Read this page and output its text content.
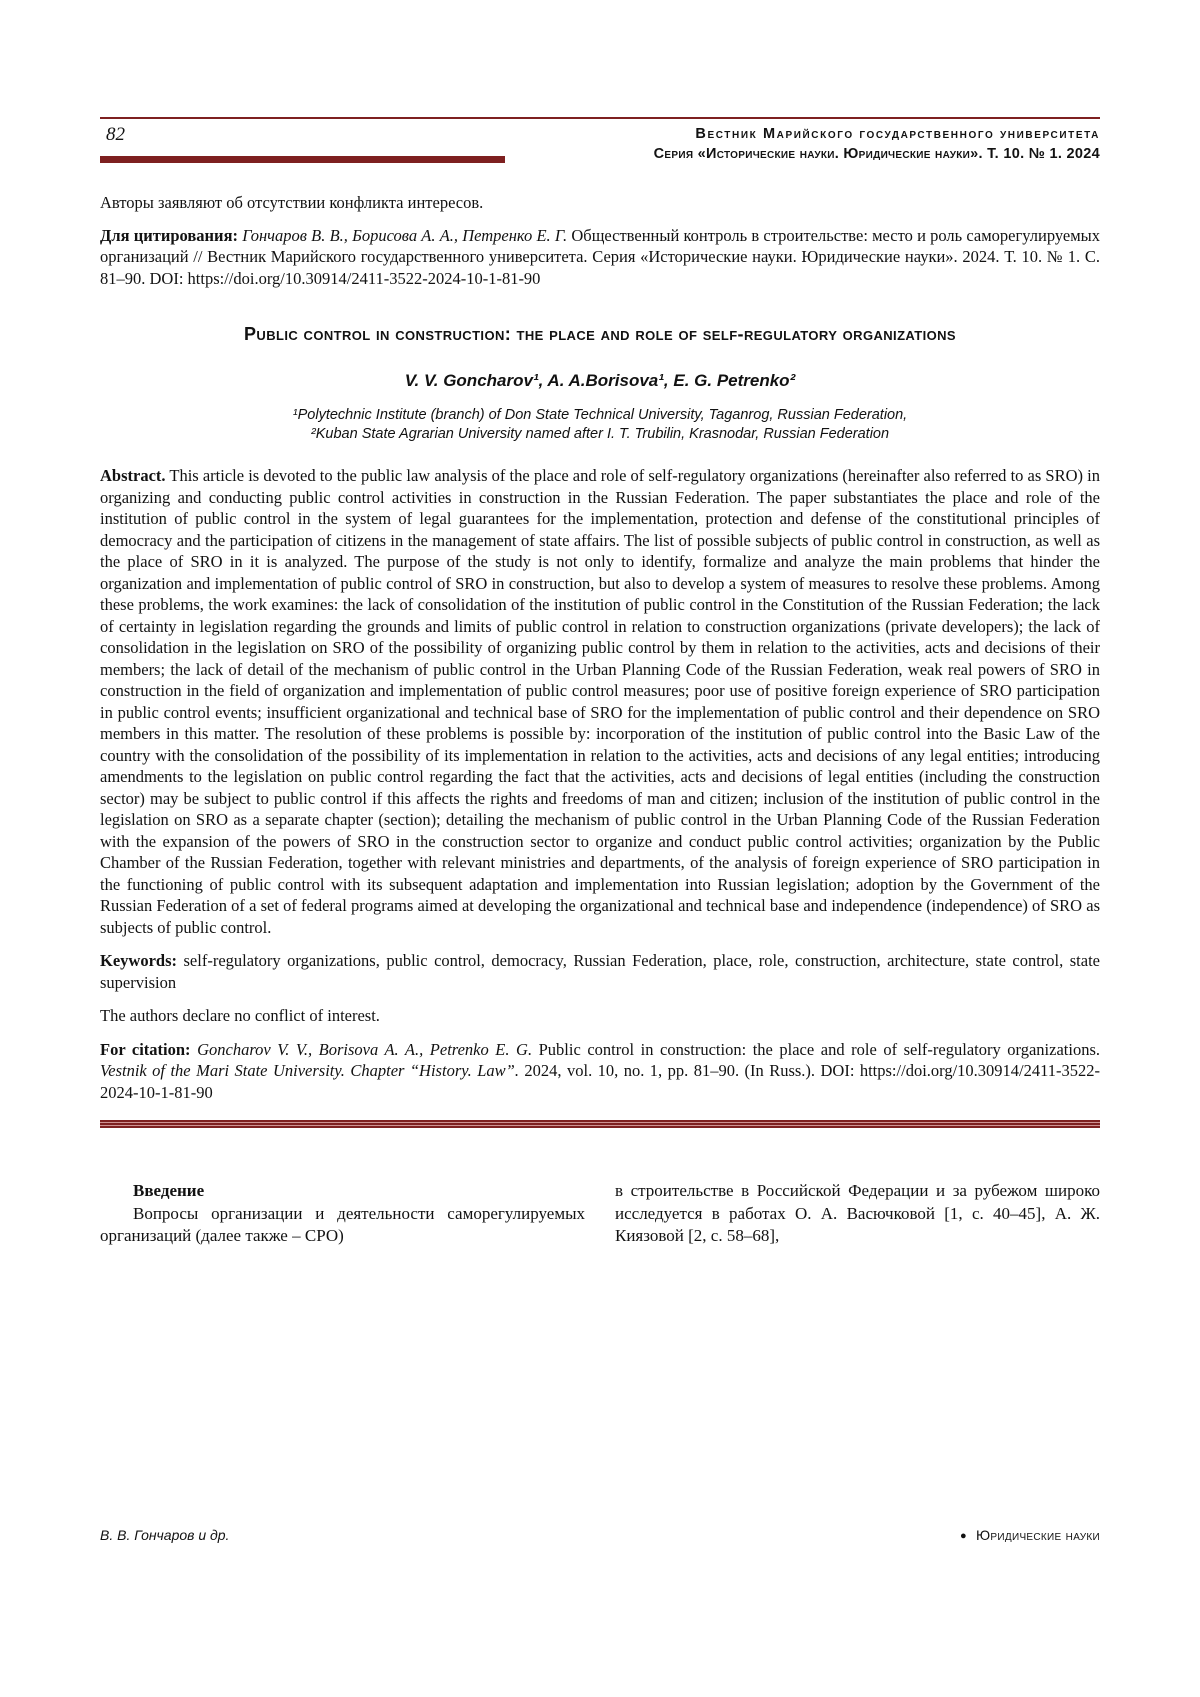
82	Вестник Марийского государственного университета
Серия «Исторические науки. Юридические науки». Т. 10. № 1. 2024

Авторы заявляют об отсутствии конфликта интересов.

Для цитирования: Гончаров В. В., Борисова А. А., Петренко Е. Г. Общественный контроль в строительстве: место и роль саморегулируемых организаций // Вестник Марийского государственного университета. Серия «Исторические науки. Юридические науки». 2024. Т. 10. № 1. С. 81–90. DOI: https://doi.org/10.30914/2411-3522-2024-10-1-81-90

Public control in construction: the place and role of self-regulatory organizations
V. V. Goncharov¹, A. A.Borisova¹, E. G. Petrenko²
¹Polytechnic Institute (branch) of Don State Technical University, Taganrog, Russian Federation,
²Kuban State Agrarian University named after I. T. Trubilin, Krasnodar, Russian Federation

Abstract. This article is devoted to the public law analysis of the place and role of self-regulatory organizations (hereinafter also referred to as SRO) in organizing and conducting public control activities in construction in the Russian Federation. The paper substantiates the place and role of the institution of public control in the system of legal guarantees for the implementation, protection and defense of the constitutional principles of democracy and the participation of citizens in the management of state affairs. The list of possible subjects of public control in construction, as well as the place of SRO in it is analyzed. The purpose of the study is not only to identify, formalize and analyze the main problems that hinder the organization and implementation of public control of SRO in construction, but also to develop a system of measures to resolve these problems. Among these problems, the work examines: the lack of consolidation of the institution of public control in the Constitution of the Russian Federation; the lack of certainty in legislation regarding the grounds and limits of public control in relation to construction organizations (private developers); the lack of consolidation in the legislation on SRO of the possibility of organizing public control by them in relation to the activities, acts and decisions of their members; the lack of detail of the mechanism of public control in the Urban Planning Code of the Russian Federation, weak real powers of SRO in construction in the field of organization and implementation of public control measures; poor use of positive foreign experience of SRO participation in public control events; insufficient organizational and technical base of SRO for the implementation of public control and their dependence on SRO members in this matter. The resolution of these problems is possible by: incorporation of the institution of public control into the Basic Law of the country with the consolidation of the possibility of its implementation in relation to the activities, acts and decisions of any legal entities; introducing amendments to the legislation on public control regarding the fact that the activities, acts and decisions of legal entities (including the construction sector) may be subject to public control if this affects the rights and freedoms of man and citizen; inclusion of the institution of public control in the legislation on SRO as a separate chapter (section); detailing the mechanism of public control in the Urban Planning Code of the Russian Federation with the expansion of the powers of SRO in the construction sector to organize and conduct public control activities; organization by the Public Chamber of the Russian Federation, together with relevant ministries and departments, of the analysis of foreign experience of SRO participation in the functioning of public control with its subsequent adaptation and implementation into Russian legislation; adoption by the Government of the Russian Federation of a set of federal programs aimed at developing the organizational and technical base and independence (independence) of SRO as subjects of public control.

Keywords: self-regulatory organizations, public control, democracy, Russian Federation, place, role, construction, architecture, state control, state supervision

The authors declare no conflict of interest.

For citation: Goncharov V. V., Borisova A. A., Petrenko E. G. Public control in construction: the place and role of self-regulatory organizations. Vestnik of the Mari State University. Chapter “History. Law”. 2024, vol. 10, no. 1, pp. 81–90. (In Russ.). DOI: https://doi.org/10.30914/2411-3522-2024-10-1-81-90

Введение

Вопросы организации и деятельности саморегулируемых организаций (далее также – СРО)

в строительстве в Российской Федерации и за рубежом широко исследуется в работах О. А. Васючковой [1, с. 40–45], А. Ж. Киязовой [2, с. 58–68],

В. В. Гончаров и др.	● Юридические науки
